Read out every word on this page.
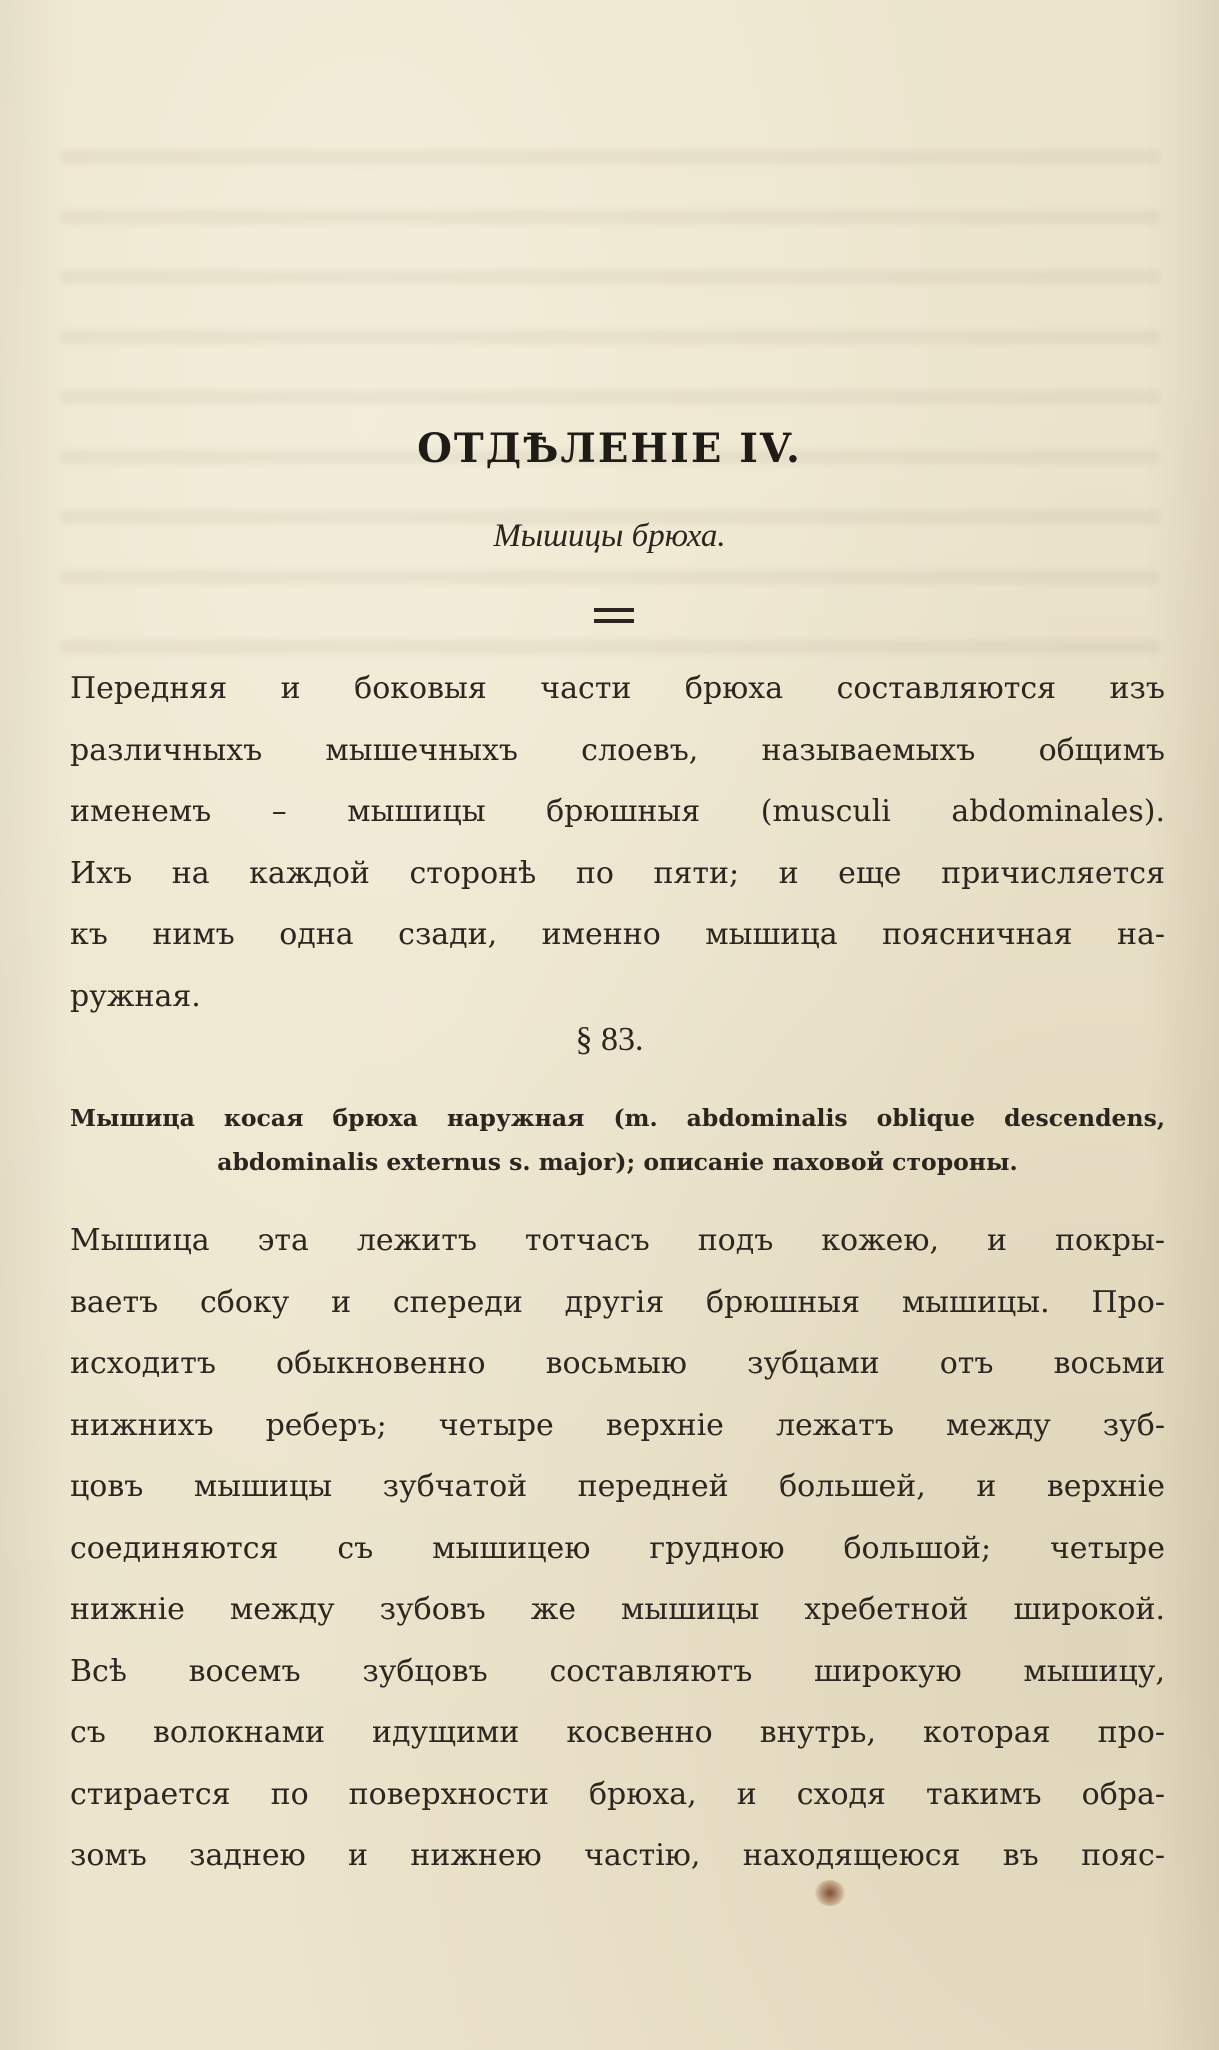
ОТДѢЛЕНІЕ IV.
Мышицы брюха.
Передняя и боковыя части брюха составляются изъ
различныхъ мышечныхъ слоевъ, называемыхъ общимъ
именемъ – мышицы брюшныя (musculi abdominales).
Ихъ на каждой сторонѣ по пяти; и еще причисляется
къ нимъ одна сзади, именно мышица поясничная на-
ружная.
§ 83.
Мышица косая брюха наружная (m. abdominalis oblique descendens,
abdominalis externus s. major); описаніе паховой стороны.
Мышица эта лежитъ тотчасъ подъ кожею, и покры-
ваетъ сбоку и спереди другія брюшныя мышицы. Про-
исходитъ обыкновенно восьмыю зубцами отъ восьми
нижнихъ реберъ; четыре верхніе лежатъ между зуб-
цовъ мышицы зубчатой передней большей, и верхніе
соединяются съ мышицею грудною большой; четыре
нижніе между зубовъ же мышицы хребетной широкой.
Всѣ восемъ зубцовъ составляютъ широкую мышицу,
съ волокнами идущими косвенно внутрь, которая про-
стирается по поверхности брюха, и сходя такимъ обра-
зомъ заднею и нижнею частію, находящеюся въ пояс-
